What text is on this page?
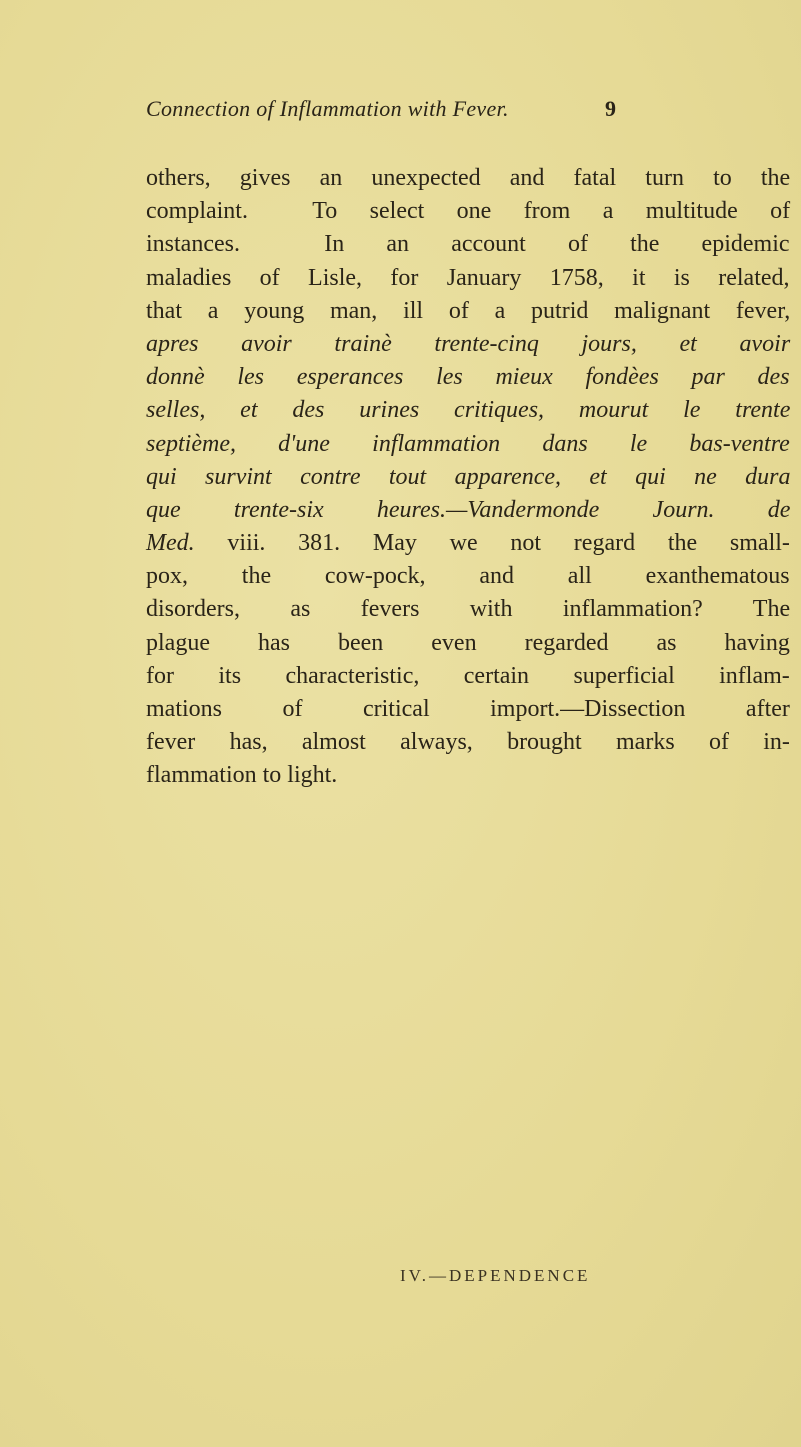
Connection of Inflammation with Fever.	9
others, gives an unexpected and fatal turn to the
complaint.  To select one from a multitude of
instances.  In an account of the epidemic
maladies of Lisle, for January 1758, it is related,
that a young man, ill of a putrid malignant fever,
apres avoir trainè trente-cinq jours, et avoir
donnè les esperances les mieux fondèes par des
selles, et des urines critiques, mourut le trente
septième, d'une inflammation dans le bas-ventre
qui survint contre tout apparence, et qui ne dura
que trente-six heures.—Vandermonde Journ. de
Med. viii. 381. May we not regard the small-
pox, the cow-pock, and all exanthematous
disorders, as fevers with inflammation? The
plague has been even regarded as having
for its characteristic, certain superficial inflam-
mations of critical import.—Dissection after
fever has, almost always, brought marks of in-
flammation to light.
IV.—DEPENDENCE
